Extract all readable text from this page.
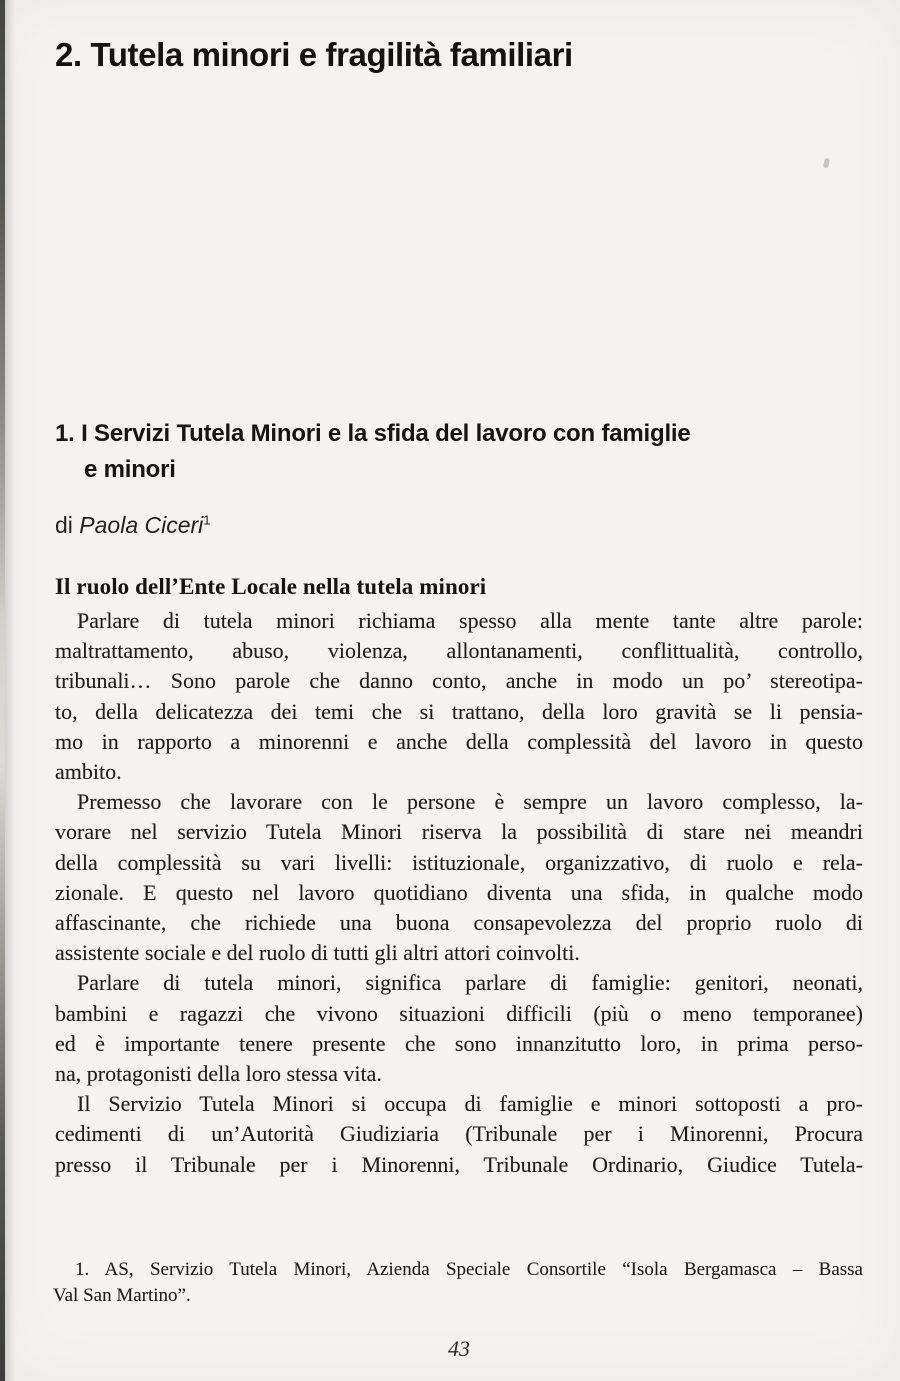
2. Tutela minori e fragilità familiari
1. I Servizi Tutela Minori e la sfida del lavoro con famiglie
e minori
di Paola Ciceri$^1$
Il ruolo dell’Ente Locale nella tutela minori
Parlare di tutela minori richiama spesso alla mente tante altre parole:
maltrattamento, abuso, violenza, allontanamenti, conflittualità, controllo,
tribunali… Sono parole che danno conto, anche in modo un po’ stereotipa-
to, della delicatezza dei temi che si trattano, della loro gravità se li pensia-
mo in rapporto a minorenni e anche della complessità del lavoro in questo
ambito.
Premesso che lavorare con le persone è sempre un lavoro complesso, la-
vorare nel servizio Tutela Minori riserva la possibilità di stare nei meandri
della complessità su vari livelli: istituzionale, organizzativo, di ruolo e rela-
zionale. E questo nel lavoro quotidiano diventa una sfida, in qualche modo
affascinante, che richiede una buona consapevolezza del proprio ruolo di
assistente sociale e del ruolo di tutti gli altri attori coinvolti.
Parlare di tutela minori, significa parlare di famiglie: genitori, neonati,
bambini e ragazzi che vivono situazioni difficili (più o meno temporanee)
ed è importante tenere presente che sono innanzitutto loro, in prima perso-
na, protagonisti della loro stessa vita.
Il Servizio Tutela Minori si occupa di famiglie e minori sottoposti a pro-
cedimenti di un’Autorità Giudiziaria (Tribunale per i Minorenni, Procura
presso il Tribunale per i Minorenni, Tribunale Ordinario, Giudice Tutela-
1. AS, Servizio Tutela Minori, Azienda Speciale Consortile “Isola Bergamasca – Bassa
Val San Martino”.
43
